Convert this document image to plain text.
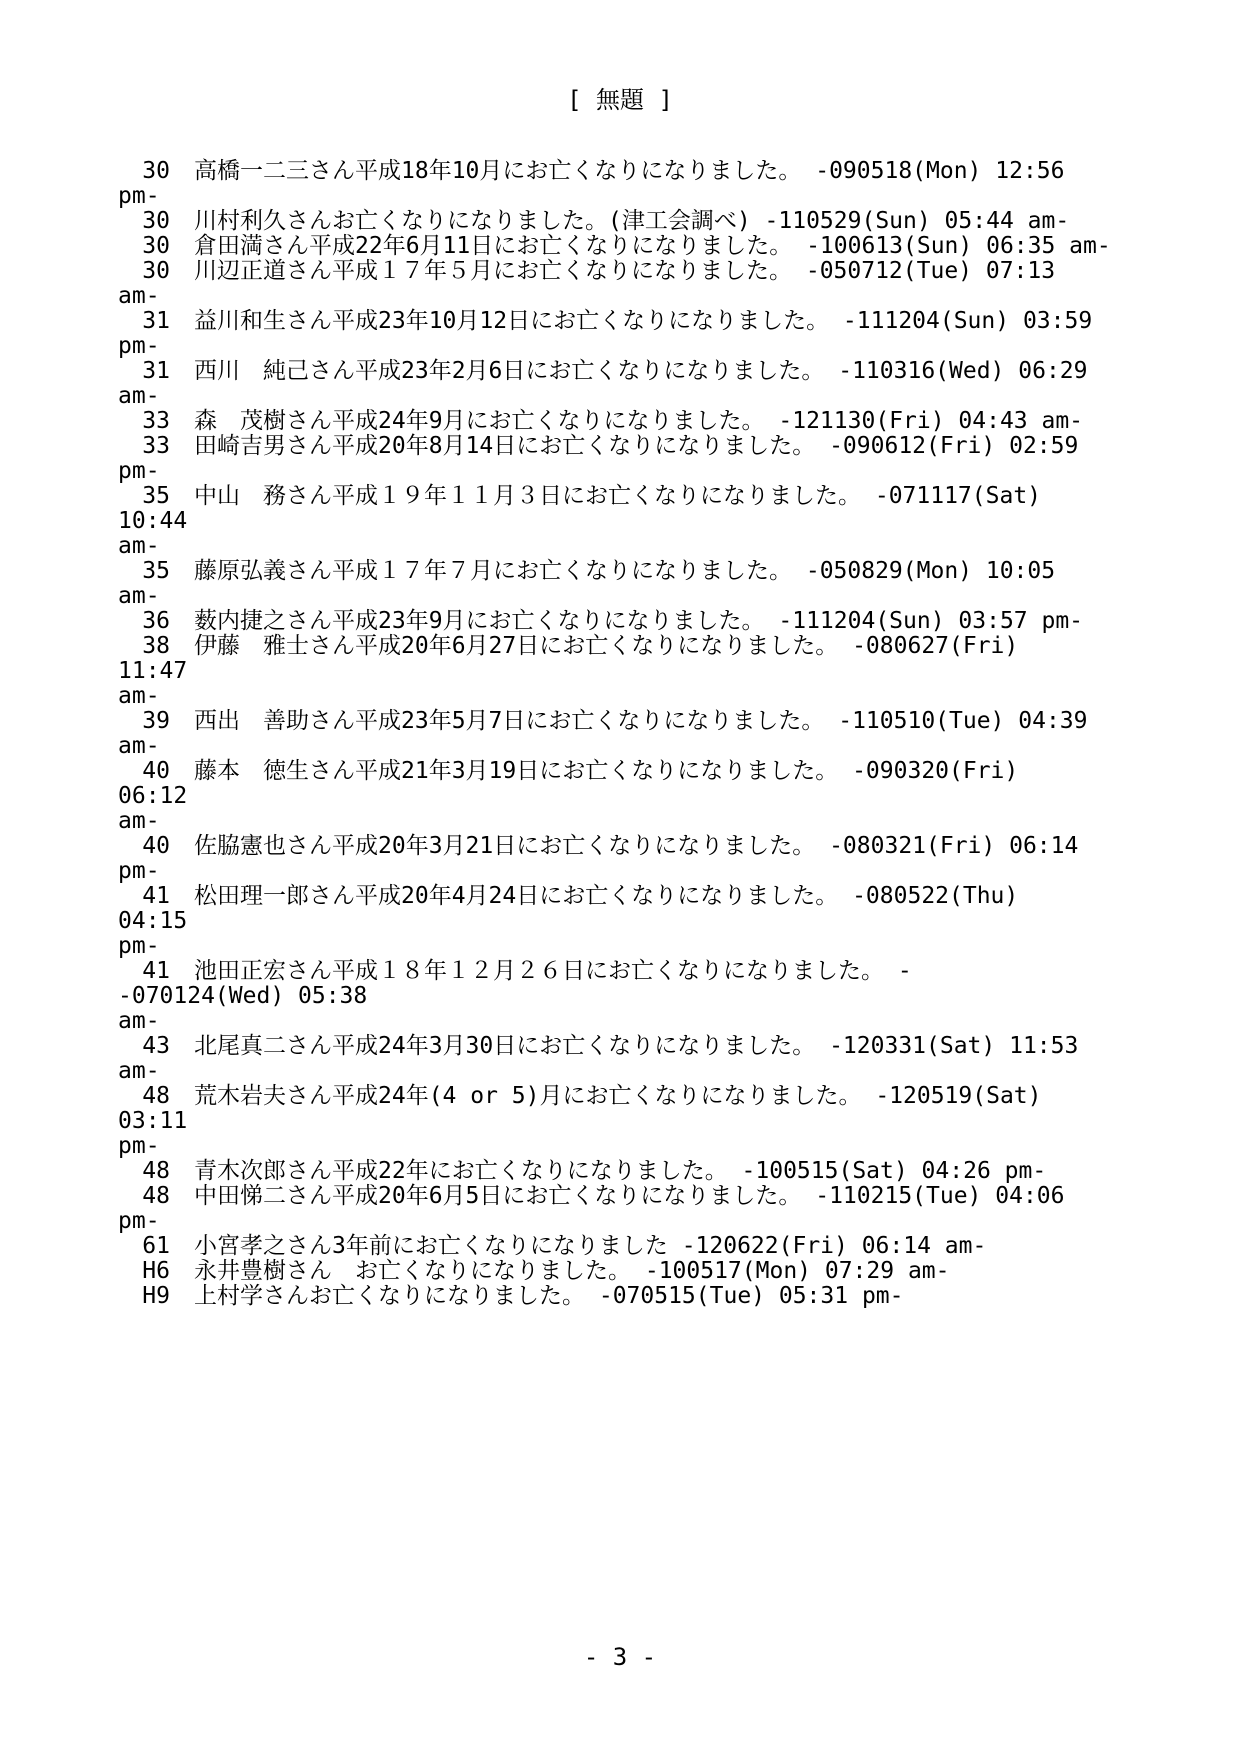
[ 無題 ]
30 高橋一二三さん平成18年10月にお亡くなりになりました。 -090518(Mon) 12:56
pm-
30 川村利久さんお亡くなりになりました。(津工会調べ) -110529(Sun) 05:44 am-
30 倉田満さん平成22年6月11日にお亡くなりになりました。 -100613(Sun) 06:35 am-
30 川辺正道さん平成１７年５月にお亡くなりになりました。 -050712(Tue) 07:13
am-
31 益川和生さん平成23年10月12日にお亡くなりになりました。 -111204(Sun) 03:59
pm-
31 西川　純己さん平成23年2月6日にお亡くなりになりました。 -110316(Wed) 06:29
am-
33 森　茂樹さん平成24年9月にお亡くなりになりました。 -121130(Fri) 04:43 am-
33 田崎吉男さん平成20年8月14日にお亡くなりになりました。 -090612(Fri) 02:59
pm-
35 中山　務さん平成１９年１１月３日にお亡くなりになりました。 -071117(Sat)
10:44
am-
35 藤原弘義さん平成１７年７月にお亡くなりになりました。 -050829(Mon) 10:05
am-
36 薮内捷之さん平成23年9月にお亡くなりになりました。 -111204(Sun) 03:57 pm-
38 伊藤　雅士さん平成20年6月27日にお亡くなりになりました。 -080627(Fri)
11:47
am-
39 西出　善助さん平成23年5月7日にお亡くなりになりました。 -110510(Tue) 04:39
am-
40 藤本　徳生さん平成21年3月19日にお亡くなりになりました。 -090320(Fri)
06:12
am-
40 佐脇憲也さん平成20年3月21日にお亡くなりになりました。 -080321(Fri) 06:14
pm-
41 松田理一郎さん平成20年4月24日にお亡くなりになりました。 -080522(Thu)
04:15
pm-
41 池田正宏さん平成１８年１２月２６日にお亡くなりになりました。 -
-070124(Wed) 05:38
am-
43 北尾真二さん平成24年3月30日にお亡くなりになりました。 -120331(Sat) 11:53
am-
48 荒木岩夫さん平成24年(4 or 5)月にお亡くなりになりました。 -120519(Sat)
03:11
pm-
48 青木次郎さん平成22年にお亡くなりになりました。 -100515(Sat) 04:26 pm-
48 中田悌二さん平成20年6月5日にお亡くなりになりました。 -110215(Tue) 04:06
pm-
61 小宮孝之さん3年前にお亡くなりになりました -120622(Fri) 06:14 am-
H6 永井豊樹さん　お亡くなりになりました。 -100517(Mon) 07:29 am-
H9 上村学さんお亡くなりになりました。 -070515(Tue) 05:31 pm-
- 3 -
